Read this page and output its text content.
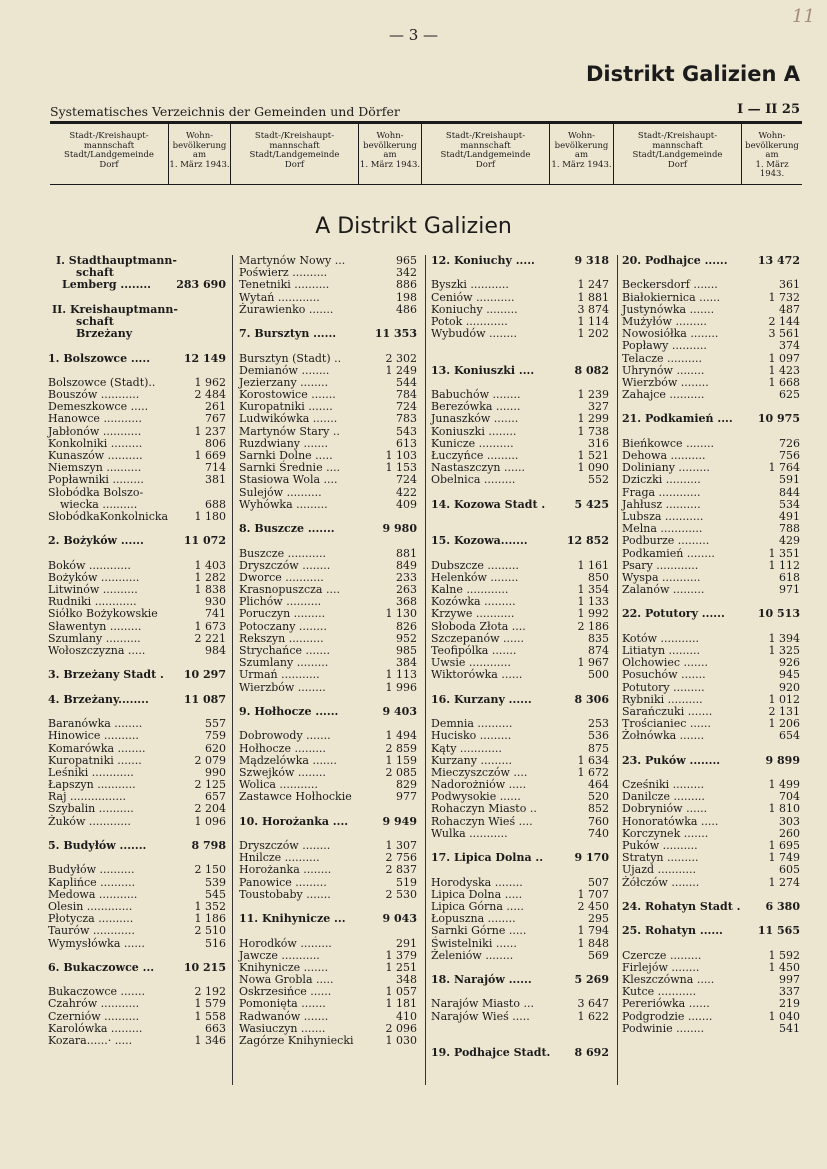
— 3 —
11
Distrikt Galizien A
Systematisches Verzeichnis der Gemeinden und Dörfer	I — II 25
Stadt-/Kreishaupt-
mannschaft
Stadt/Landgemeinde
Dorf
Wohn-
bevölkerung
am
1. März 1943.
Stadt-/Kreishaupt-
mannschaft
Stadt/Landgemeinde
Dorf
Wohn-
bevölkerung
am
1. März 1943.
Stadt-/Kreishaupt-
mannschaft
Stadt/Landgemeinde
Dorf
Wohn-
bevölkerung
am
1. März 1943.
Stadt-/Kreishaupt-
mannschaft
Stadt/Landgemeinde
Dorf
Wohn-
bevölkerung
am
1. März 1943.
A Distrikt Galizien
I. Stadthauptmann-
schaft
Lemberg ........ 283 690
II. Kreishauptmann-
schaft
Brzeżany
1. Bolszowce .....	12 149
Bolszowce (Stadt)..	1 962
Bouszów ...........	2 484
Demeszkowce .....	261
Hanowce ...........	767
Jabłonów ...........	1 237
Konkolniki .........	806
Kunaszów ..........	1 669
Niemszyn ..........	714
Popławniki .........	381
Słobódka Bolszo-
wiecka ..........	688
SłobódkaKonkolnicka 1 180
2. Bożyków ......	11 072
Boków ............	1 403
Bożyków ...........	1 282
Litwinów ..........	1 838
Rudniki ............	930
Siółko Bożykowskie	741
Sławentyn .........	1 673
Szumlany ..........	2 221
Wołoszczyzna .....	984
3. Brzeżany Stadt . 10 297
4. Brzeżany........	11 087
Baranówka ........	557
Hinowice ..........	759
Komarówka ........	620
Kuropatniki .......	2 079
Leśniki ............	990
Łapszyn ...........	2 125
Raj ................	657
Szybalin ..........	2 204
Żuków ............	1 096
5. Budyłów .......	8 798
Budyłów ..........	2 150
Kaplińce ..........	539
Medowa ...........	545
Olesin .............	1 352
Płotycza ..........	1 186
Taurów ............	2 510
Wymysłówka ......	516
6. Bukaczowce ...	10 215
Bukaczowce .......	2 192
Czahrów ...........	1 579
Czerniów ..........	1 558
Karolówka .........	663
Kozara......· .....	1 346
Martynów Nowy ...	965
Poświerz ..........	342
Tenetniki ..........	886
Wytań ............	198
Żurawienko .......	486
7. Bursztyn ......	11 353
Bursztyn (Stadt) ..	2 302
Demianów ........	1 249
Jezierzany ........	544
Korostowice .......	784
Kuropatniki .......	724
Ludwikówka .......	783
Martynów Stary ..	543
Ruzdwiany .......	613
Sarnki Dolne .....	1 103
Sarnki Średnie ....	1 153
Stasiowa Wola ....	724
Sulejów ..........	422
Wyhówka .........	409
8. Buszcze .......	9 980
Buszcze ...........	881
Dryszczów ........	849
Dworce ...........	233
Krasnopuszcza ....	263
Plichów ..........	368
Poruczyn .........	1 130
Potoczany ........	826
Rekszyn ..........	952
Strychańce .......	985
Szumlany .........	384
Urmań ...........	1 113
Wierzbów ........	1 996
9. Hołhocze ......	9 403
Dobrowody .......	1 494
Hołhocze .........	2 859
Mądzelówka .......	1 159
Szwejków ........	2 085
Wolica ...........	829
Zastawce Hołhockie	977
10. Horożanka ....	9 949
Dryszczów ........	1 307
Hnilcze ..........	2 756
Horożanka ........	2 837
Panowice .........	519
Toustobaby .......	2 530
11. Knihynicze ...	9 043
Horodków .........	291
Jawcze ...........	1 379
Knihynicze .......	1 251
Nowa Grobla .....	348
Oskrzesińce ......	1 057
Pomonięta .......	1 181
Radwanów .......	410
Wasiuczyn .......	2 096
Zagórze Knihyniecki	1 030
12. Koniuchy .....	9 318
Byszki ...........	1 247
Ceniów ...........	1 881
Koniuchy .........	3 874
Potok ............	1 114
Wybudów ........	1 202
13. Koniuszki ....	8 082
Babuchów ........	1 239
Berezówka .......	327
Junaszków .......	1 299
Koniuszki ........	1 738
Kunicze ..........	316
Łuczyńce .........	1 521
Nastaszczyn ......	1 090
Obelnica .........	552
14. Kozowa Stadt .	5 425
15. Kozowa.......	12 852
Dubszcze .........	1 161
Helenków ........	850
Kalne ............	1 354
Kozówka .........	1 133
Krzywe ...........	1 992
Słoboda Złota ....	2 186
Szczepanów ......	835
Teofipólka .......	874
Uwsie ............	1 967
Wiktorówka ......	500
16. Kurzany ......	8 306
Demnia ..........	253
Hucisko .........	536
Kąty ............	875
Kurzany .........	1 634
Mieczyszczów ....	1 672
Nadorożniów .....	464
Podwysokie ......	520
Rohaczyn Miasto ..	852
Rohaczyn Wieś ....	760
Wulka ...........	740
17. Lipica Dolna ..	9 170
Horodyska ........	507
Lipica Dolna .....	1 707
Lipica Górna .....	2 450
Łopuszna ........	295
Sarnki Górne .....	1 794
Świstelniki ......	1 848
Żeleniów ........	569
18. Narajów ......	5 269
Narajów Miasto ...	3 647
Narajów Wieś .....	1 622
19. Podhajce Stadt. 8 692
20. Podhajce ......	13 472
Beckersdorf .......	361
Białokiernica ......	1 732
Justynówka .......	487
Mużyłów .........	2 144
Nowosiółka ........	3 561
Popławy ..........	374
Telacze ..........	1 097
Uhrynów ........	1 423
Wierzbów ........	1 668
Zahajce ..........	625
21. Podkamień .... 10 975
Bieńkowce ........	726
Dehowa ..........	756
Doliniany .........	1 764
Dziczki ..........	591
Fraga ............	844
Jahłusz ..........	534
Lubsza ...........	491
Melna ............	788
Podburze .........	429
Podkamień ........	1 351
Psary ............	1 112
Wyspa ...........	618
Zalanów .........	971
22. Potutory ......	10 513
Kotów ...........	1 394
Litiatyn .........	1 325
Olchowiec .......	926
Posuchów .......	945
Potutory .........	920
Rybniki ..........	1 012
Sarańczuki .......	2 131
Trościaniec ......	1 206
Żołnówka .......	654
23. Puków ........	9 899
Cześniki .........	1 499
Danilcze .........	704
Dobryniów ......	1 810
Honoratówka .....	303
Korczynek .......	260
Puków ..........	1 695
Stratyn .........	1 749
Ujazd ...........	605
Żółczów ........	1 274
24. Rohatyn Stadt . 6 380
25. Rohatyn ......	11 565
Czercze .........	1 592
Firlejów ........	1 450
Kleszczówna .....	997
Kutce ...........	337
Pereriówka ......	219
Podgrodzie .......	1 040
Podwinie ........	541
